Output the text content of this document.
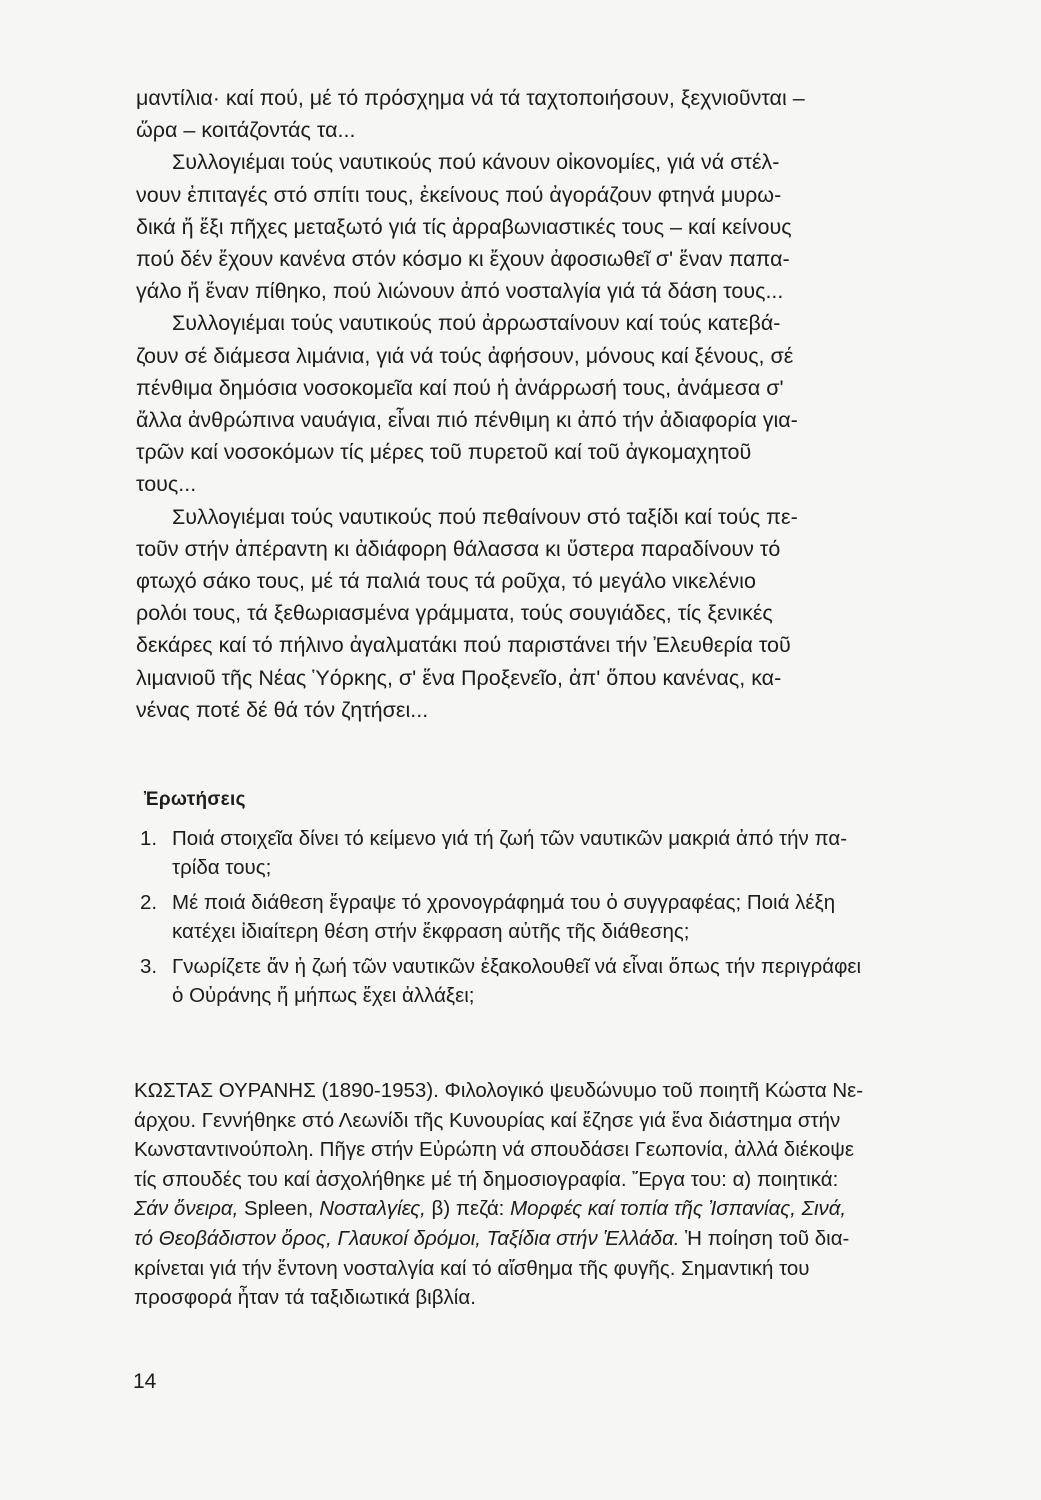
μαντίλια· καί πού, μέ τό πρόσχημα νά τά ταχτοποιήσουν, ξεχνιοῦνται –
ὥρα – κοιτάζοντάς τα...

Συλλογιέμαι τούς ναυτικούς πού κάνουν οἰκονομίες, γιά νά στέλ-
νουν ἐπιταγές στό σπίτι τους, ἐκείνους πού ἀγοράζουν φτηνά μυρω-
δικά ἤ ἕξι πῆχες μεταξωτό γιά τίς ἀρραβωνιαστικές τους – καί κείνους
πού δέν ἔχουν κανένα στόν κόσμο κι ἔχουν ἀφοσιωθεῖ σ' ἕναν παπα-
γάλο ἤ ἕναν πίθηκο, πού λιώνουν ἀπό νοσταλγία γιά τά δάση τους...

Συλλογιέμαι τούς ναυτικούς πού ἀρρωσταίνουν καί τούς κατεβά-
ζουν σέ διάμεσα λιμάνια, γιά νά τούς ἀφήσουν, μόνους καί ξένους, σέ
πένθιμα δημόσια νοσοκομεῖα καί πού ἡ ἀνάρρωσή τους, ἀνάμεσα σ'
ἄλλα ἀνθρώπινα ναυάγια, εἶναι πιό πένθιμη κι ἀπό τήν ἀδιαφορία για-
τρῶν καί νοσοκόμων τίς μέρες τοῦ πυρετοῦ καί τοῦ ἀγκομαχητοῦ
τους...

Συλλογιέμαι τούς ναυτικούς πού πεθαίνουν στό ταξίδι καί τούς πε-
τοῦν στήν ἀπέραντη κι ἀδιάφορη θάλασσα κι ὕστερα παραδίνουν τό
φτωχό σάκο τους, μέ τά παλιά τους τά ροῦχα, τό μεγάλο νικελένιο
ρολόι τους, τά ξεθωριασμένα γράμματα, τούς σουγιάδες, τίς ξενικές
δεκάρες καί τό πήλινο ἀγαλματάκι πού παριστάνει τήν Ἐλευθερία τοῦ
λιμανιοῦ τῆς Νέας Ὑόρκης, σ' ἕνα Προξενεῖο, ἀπ' ὅπου κανένας, κα-
νένας ποτέ δέ θά τόν ζητήσει...

Ἐρωτήσεις
1. Ποιά στοιχεῖα δίνει τό κείμενο γιά τή ζωή τῶν ναυτικῶν μακριά ἀπό τήν πα-
τρίδα τους;
2. Μέ ποιά διάθεση ἔγραψε τό χρονογράφημά του ὁ συγγραφέας; Ποιά λέξη
κατέχει ἰδιαίτερη θέση στήν ἔκφραση αὐτῆς τῆς διάθεσης;
3. Γνωρίζετε ἄν ἡ ζωή τῶν ναυτικῶν ἐξακολουθεῖ νά εἶναι ὅπως τήν περιγράφει
ὁ Οὐράνης ἤ μήπως ἔχει ἀλλάξει;
ΚΩΣΤΑΣ ΟΥΡΑΝΗΣ (1890-1953). Φιλολογικό ψευδώνυμο τοῦ ποιητῆ Κώστα Νε-
άρχου. Γεννήθηκε στό Λεωνίδι τῆς Κυνουρίας καί ἔζησε γιά ἕνα διάστημα στήν
Κωνσταντινούπολη. Πῆγε στήν Εὐρώπη νά σπουδάσει Γεωπονία, ἀλλά διέκοψε
τίς σπουδές του καί ἀσχολήθηκε μέ τή δημοσιογραφία. Ἔργα του: α) ποιητικά:
Σάν ὄνειρα, Spleen, Νοσταλγίες, β) πεζά: Μορφές καί τοπία τῆς Ἰσπανίας, Σινά,
τό Θεοβάδιστον ὄρος, Γλαυκοί δρόμοι, Ταξίδια στήν Ἑλλάδα. Ἡ ποίηση τοῦ δια-
κρίνεται γιά τήν ἔντονη νοσταλγία καί τό αἴσθημα τῆς φυγῆς. Σημαντική του
προσφορά ἦταν τά ταξιδιωτικά βιβλία.
14
